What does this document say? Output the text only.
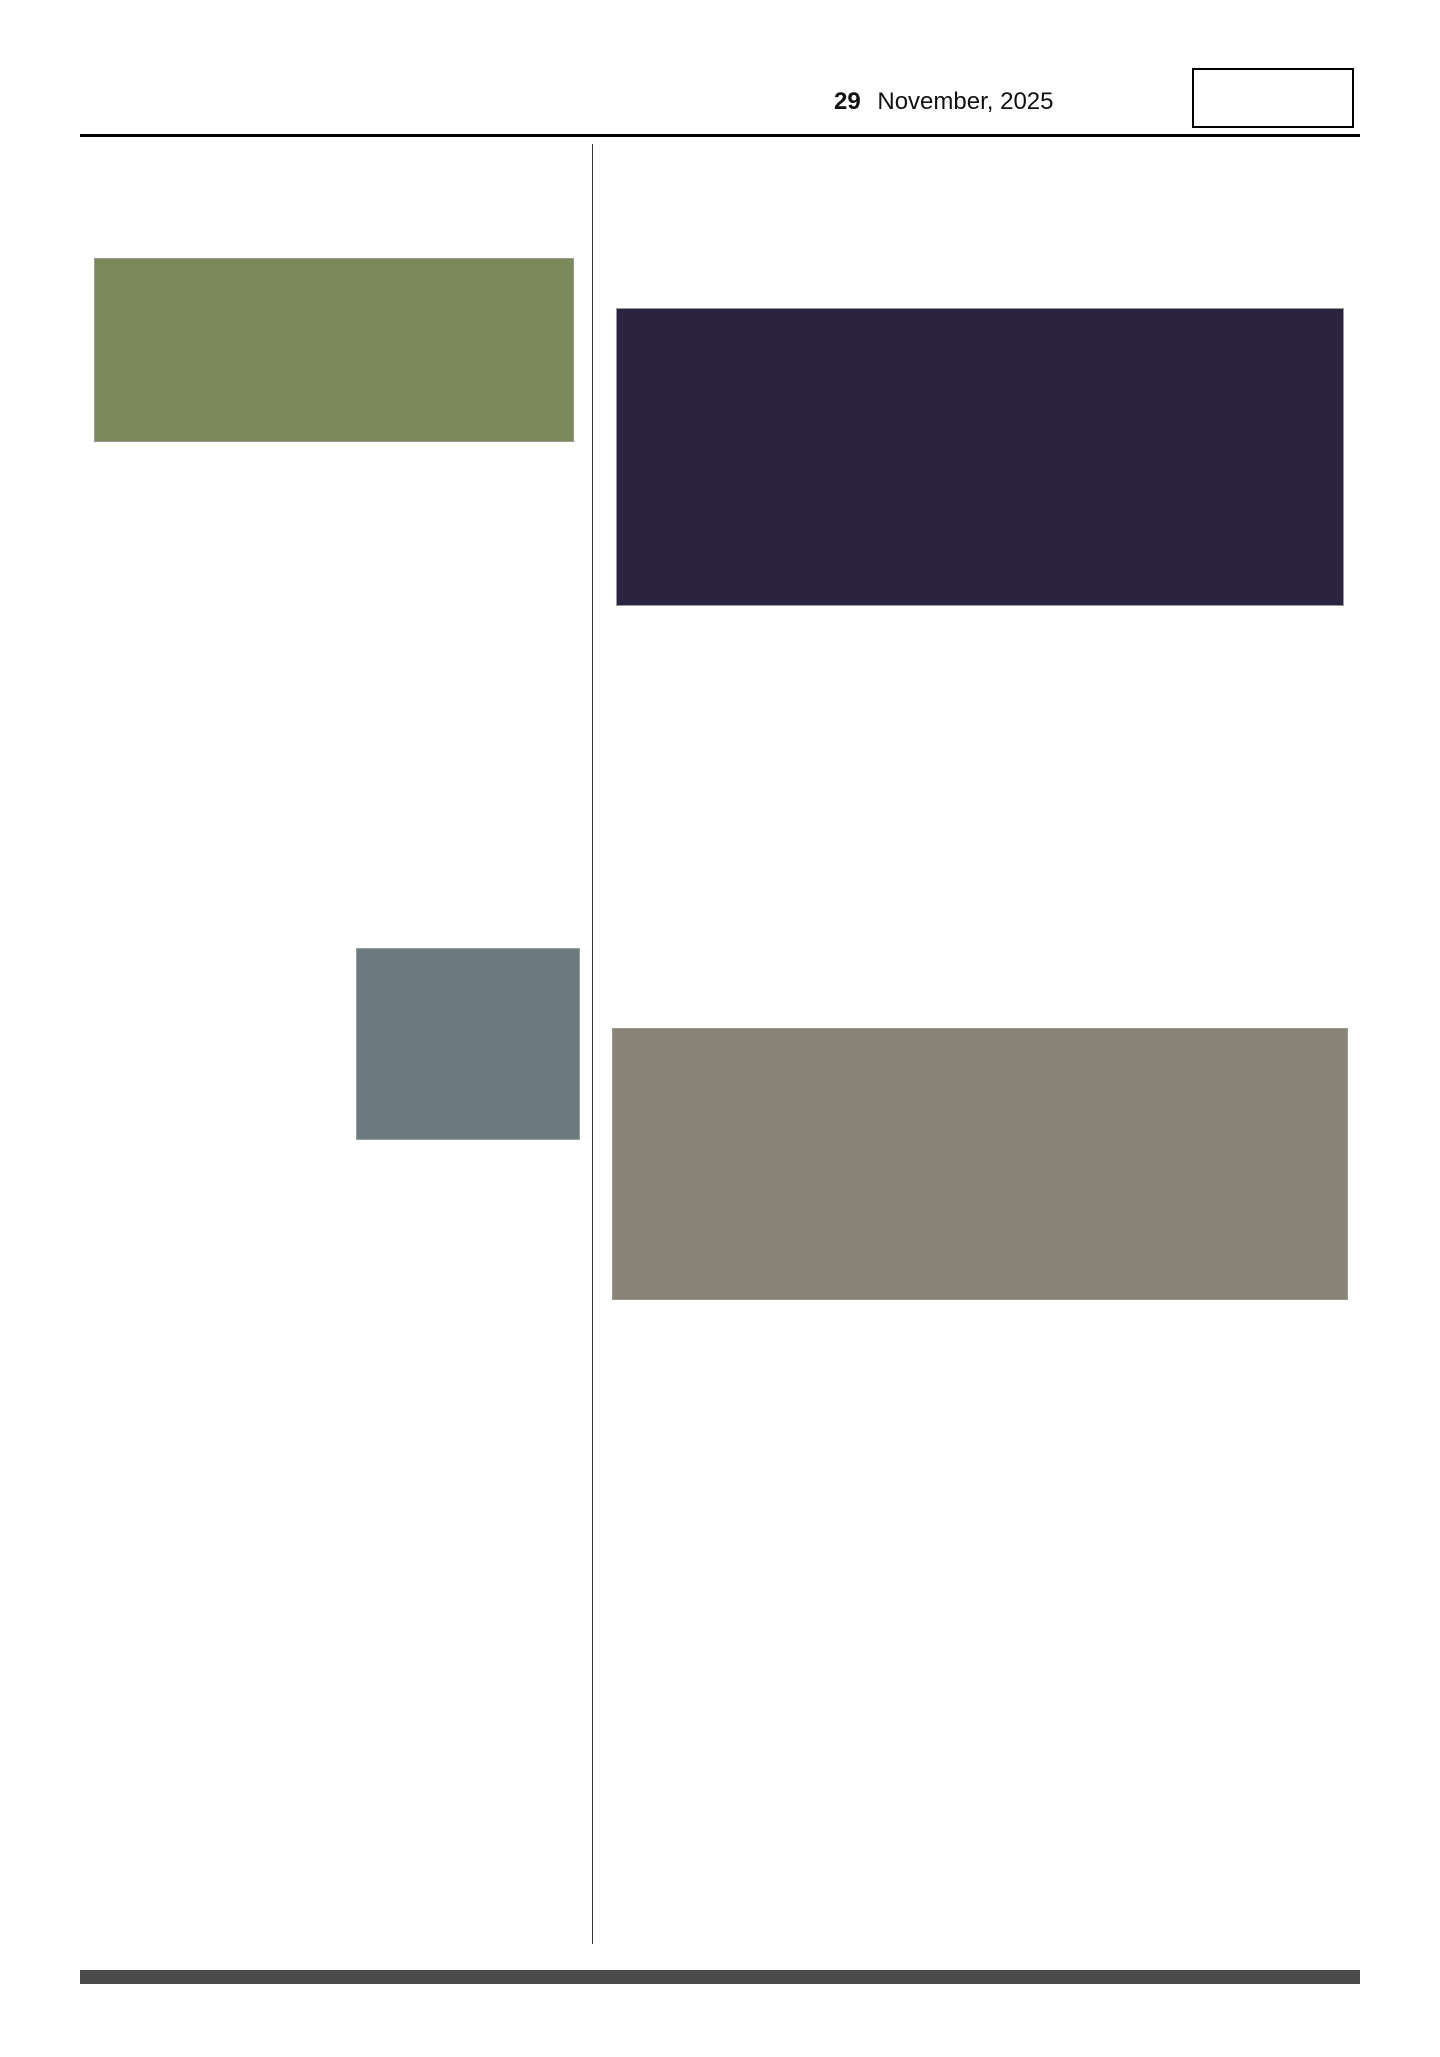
29 November, 2025
